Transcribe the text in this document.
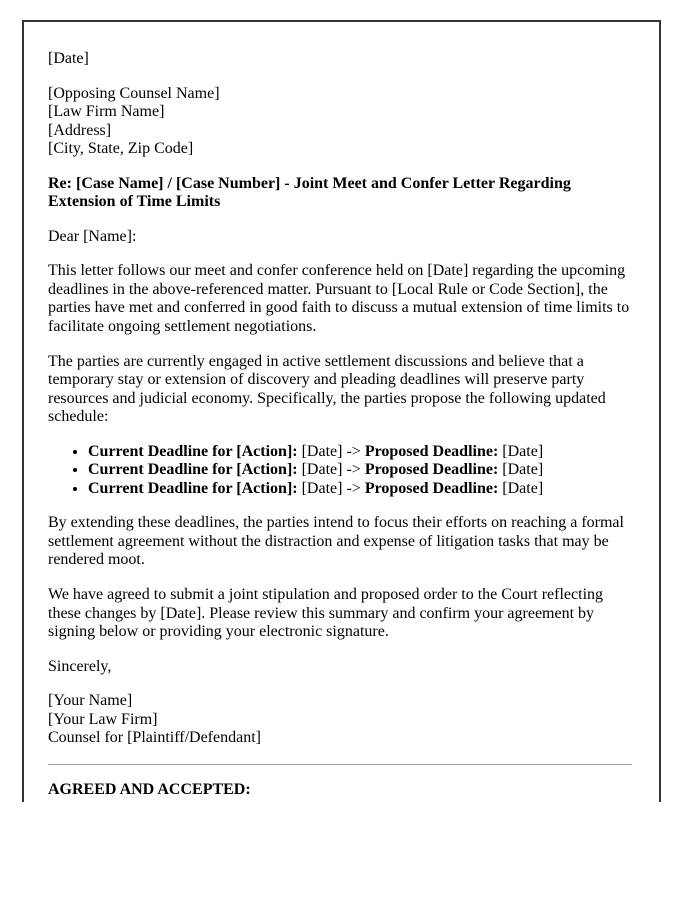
[Date]

[Opposing Counsel Name]
[Law Firm Name]
[Address]
[City, State, Zip Code]

Re: [Case Name] / [Case Number] - Joint Meet and Confer Letter Regarding
Extension of Time Limits

Dear [Name]:

This letter follows our meet and confer conference held on [Date] regarding the upcoming deadlines in the above-referenced matter. Pursuant to [Local Rule or Code Section], the parties have met and conferred in good faith to discuss a mutual extension of time limits to facilitate ongoing settlement negotiations.

The parties are currently engaged in active settlement discussions and believe that a temporary stay or extension of discovery and pleading deadlines will preserve party resources and judicial economy. Specifically, the parties propose the following updated schedule:

• Current Deadline for [Action]: [Date] -> Proposed Deadline: [Date]
• Current Deadline for [Action]: [Date] -> Proposed Deadline: [Date]
• Current Deadline for [Action]: [Date] -> Proposed Deadline: [Date]

By extending these deadlines, the parties intend to focus their efforts on reaching a formal settlement agreement without the distraction and expense of litigation tasks that may be rendered moot.

We have agreed to submit a joint stipulation and proposed order to the Court reflecting these changes by [Date]. Please review this summary and confirm your agreement by signing below or providing your electronic signature.

Sincerely,

[Your Name]
[Your Law Firm]
Counsel for [Plaintiff/Defendant]

AGREED AND ACCEPTED:
